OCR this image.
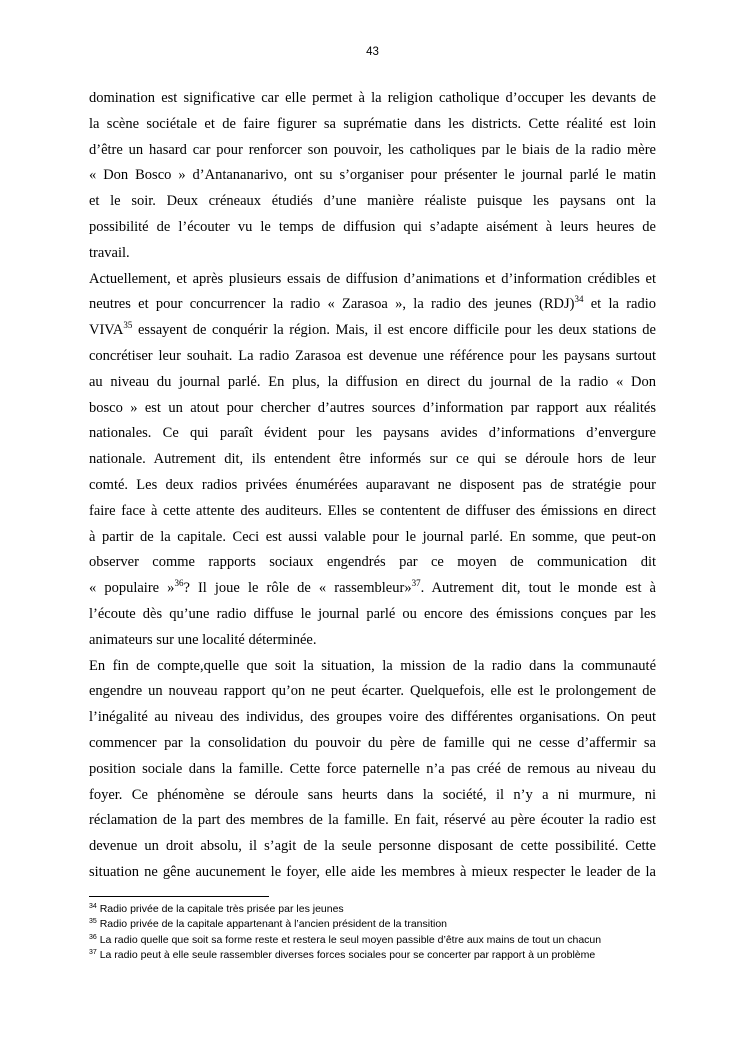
43
domination est significative car elle permet à la religion catholique d’occuper les devants de
la scène sociétale et de faire figurer sa suprématie dans les districts. Cette réalité est loin
d’être un hasard car pour renforcer son pouvoir, les catholiques par le biais de la radio mère
« Don Bosco » d’Antananarivo, ont su s’organiser pour présenter le journal parlé le matin
et le soir. Deux créneaux étudiés d’une manière réaliste puisque les paysans ont la
possibilité de l’écouter vu le temps de diffusion qui s’adapte aisément à leurs heures de
travail.
Actuellement, et après plusieurs essais de diffusion d’animations et d’information crédibles et
neutres et pour concurrencer la radio « Zarasoa », la radio des jeunes (RDJ)$^{34}$ et la radio
VIVA$^{35}$ essayent de conquérir la région. Mais, il est encore difficile pour les deux stations de
concrétiser leur souhait. La radio Zarasoa est devenue une référence pour les paysans surtout
au niveau du journal parlé. En plus, la diffusion en direct du journal de la radio « Don
bosco » est un atout pour chercher d’autres sources d’information par rapport aux réalités
nationales. Ce qui paraît évident pour les paysans avides d’informations d’envergure
nationale. Autrement dit, ils entendent être informés sur ce qui se déroule hors de leur
comté. Les deux radios privées énumérées auparavant ne disposent pas de stratégie pour
faire face à cette attente des auditeurs. Elles se contentent de diffuser des émissions en direct
à partir de la capitale. Ceci est aussi valable pour le journal parlé. En somme, que peut-on
observer comme rapports sociaux engendrés par ce moyen de communication dit
« populaire »$^{36}$? Il joue le rôle de « rassembleur»$^{37}$. Autrement dit, tout le monde est à
l’écoute dès qu’une radio diffuse le journal parlé ou encore des émissions conçues par les
animateurs sur une localité déterminée.
En fin de compte,quelle que soit la situation, la mission de la radio dans la communauté
engendre un nouveau rapport qu’on ne peut écarter. Quelquefois, elle est le prolongement de
l’inégalité au niveau des individus, des groupes voire des différentes organisations. On peut
commencer par la consolidation du pouvoir du père de famille qui ne cesse d’affermir sa
position sociale dans la famille. Cette force paternelle n’a pas créé de remous au niveau du
foyer. Ce phénomène se déroule sans heurts dans la société, il n’y a ni murmure, ni
réclamation de la part des membres de la famille. En fait, réservé au père écouter la radio est
devenue un droit absolu, il s’agit de la seule personne disposant de cette possibilité. Cette
situation ne gêne aucunement le foyer, elle aide les membres à mieux respecter le leader de la
$^{34}$ Radio privée de la capitale très prisée par les jeunes
$^{35}$ Radio privée de la capitale appartenant à l’ancien président de la transition
$^{36}$ La radio quelle que soit sa forme reste et restera le seul moyen passible d’être aux mains de tout un chacun
$^{37}$ La radio peut à elle seule rassembler diverses forces sociales pour se concerter par rapport à un problème
